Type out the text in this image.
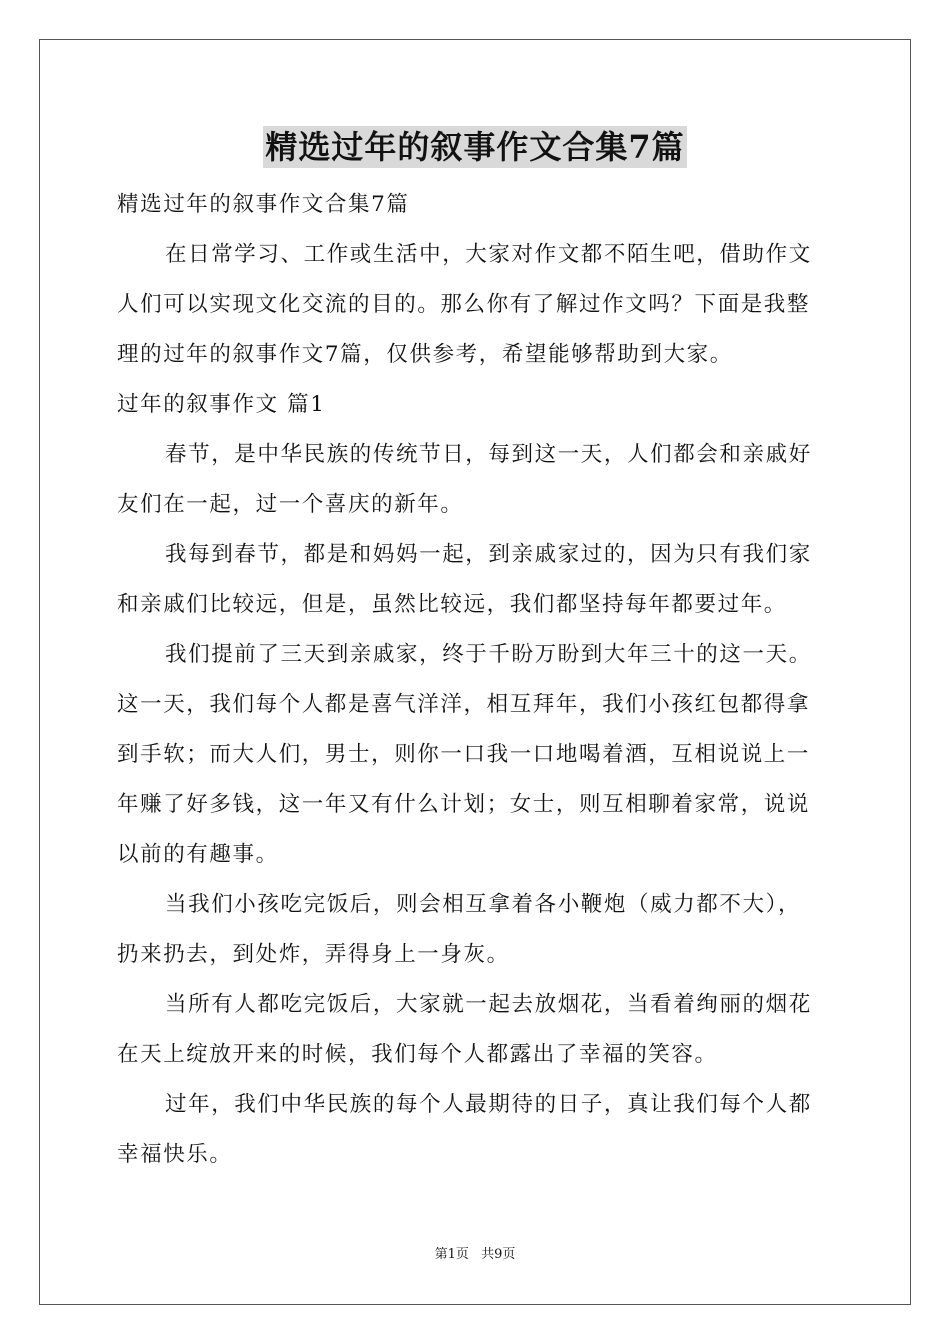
精选过年的叙事作文合集7篇
精选过年的叙事作文合集7篇
在日常学习、工作或生活中，大家对作文都不陌生吧，借助作文
人们可以实现文化交流的目的。那么你有了解过作文吗？下面是我整
理的过年的叙事作文7篇，仅供参考，希望能够帮助到大家。
过年的叙事作文 篇1
春节，是中华民族的传统节日，每到这一天，人们都会和亲戚好
友们在一起，过一个喜庆的新年。
我每到春节，都是和妈妈一起，到亲戚家过的，因为只有我们家
和亲戚们比较远，但是，虽然比较远，我们都坚持每年都要过年。
我们提前了三天到亲戚家，终于千盼万盼到大年三十的这一天。
这一天，我们每个人都是喜气洋洋，相互拜年，我们小孩红包都得拿
到手软；而大人们，男士，则你一口我一口地喝着酒，互相说说上一
年赚了好多钱，这一年又有什么计划；女士，则互相聊着家常，说说
以前的有趣事。
当我们小孩吃完饭后，则会相互拿着各小鞭炮（威力都不大），
扔来扔去，到处炸，弄得身上一身灰。
当所有人都吃完饭后，大家就一起去放烟花，当看着绚丽的烟花
在天上绽放开来的时候，我们每个人都露出了幸福的笑容。
过年，我们中华民族的每个人最期待的日子，真让我们每个人都
幸福快乐。
第1页 共9页
